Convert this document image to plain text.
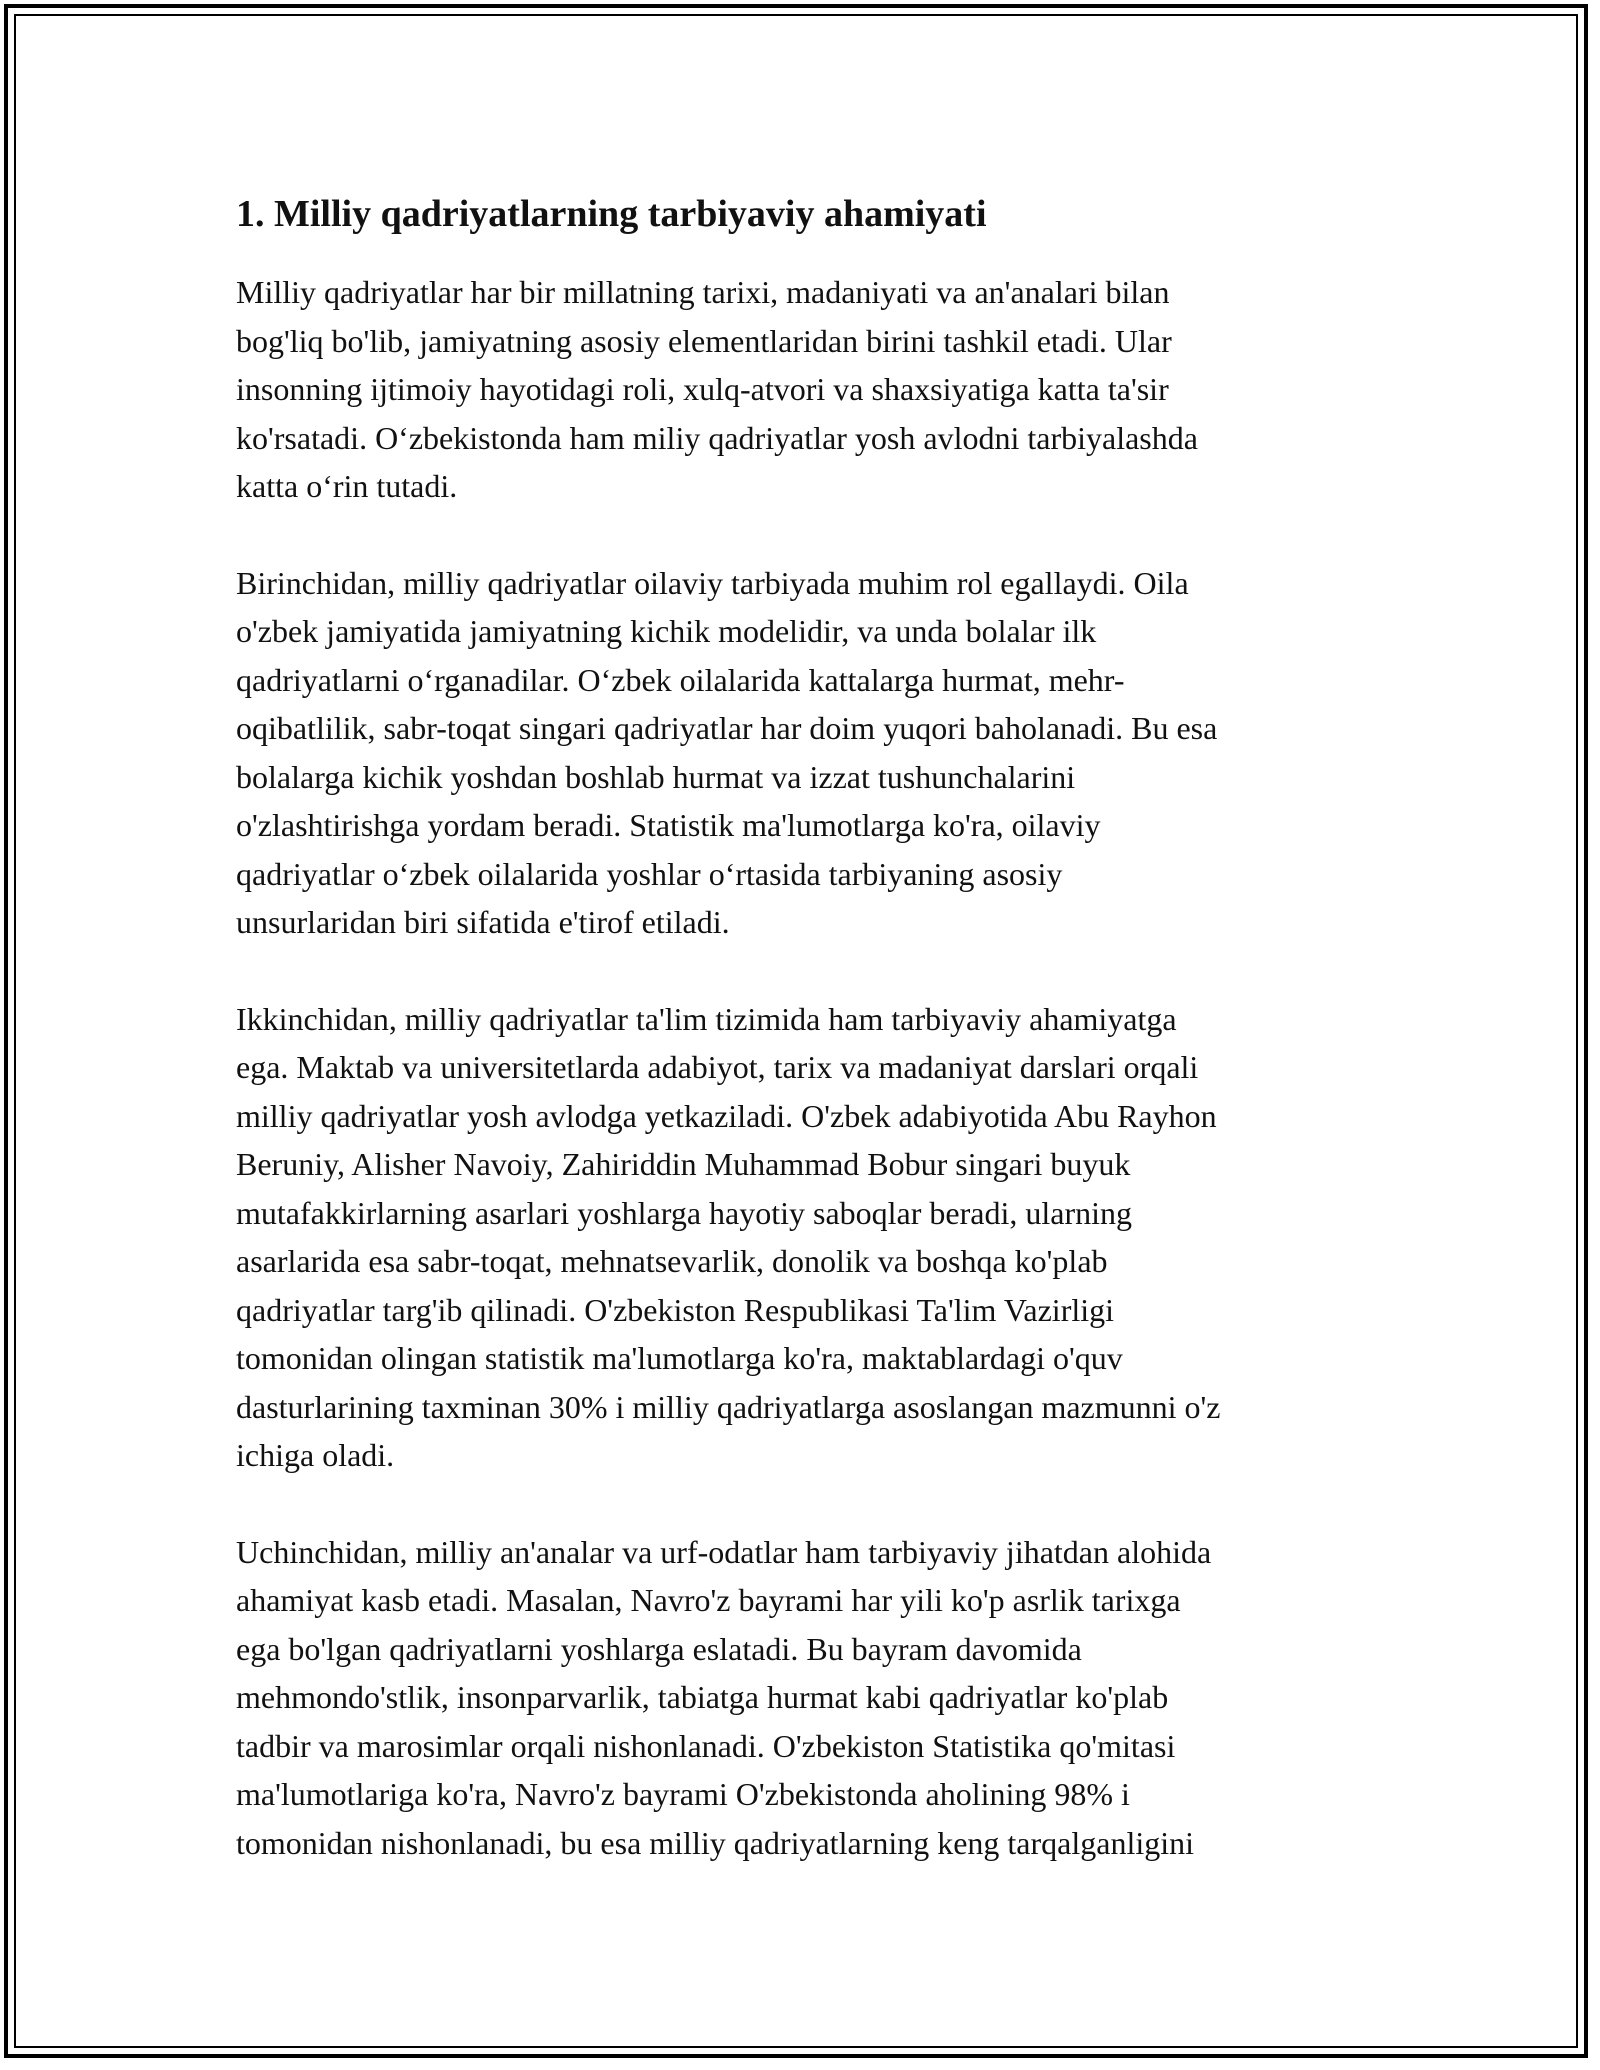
1. Milliy qadriyatlarning tarbiyaviy ahamiyati

Milliy qadriyatlar har bir millatning tarixi, madaniyati va an'analari bilan
bog'liq bo'lib, jamiyatning asosiy elementlaridan birini tashkil etadi. Ular
insonning ijtimoiy hayotidagi roli, xulq-atvori va shaxsiyatiga katta ta'sir
ko'rsatadi. O‘zbekistonda ham miliy qadriyatlar yosh avlodni tarbiyalashda
katta o‘rin tutadi.

Birinchidan, milliy qadriyatlar oilaviy tarbiyada muhim rol egallaydi. Oila
o'zbek jamiyatida jamiyatning kichik modelidir, va unda bolalar ilk
qadriyatlarni o‘rganadilar. O‘zbek oilalarida kattalarga hurmat, mehr-
oqibatlilik, sabr-toqat singari qadriyatlar har doim yuqori baholanadi. Bu esa
bolalarga kichik yoshdan boshlab hurmat va izzat tushunchalarini
o'zlashtirishga yordam beradi. Statistik ma'lumotlarga ko'ra, oilaviy
qadriyatlar o‘zbek oilalarida yoshlar o‘rtasida tarbiyaning asosiy
unsurlaridan biri sifatida e'tirof etiladi.

Ikkinchidan, milliy qadriyatlar ta'lim tizimida ham tarbiyaviy ahamiyatga
ega. Maktab va universitetlarda adabiyot, tarix va madaniyat darslari orqali
milliy qadriyatlar yosh avlodga yetkaziladi. O'zbek adabiyotida Abu Rayhon
Beruniy, Alisher Navoiy, Zahiriddin Muhammad Bobur singari buyuk
mutafakkirlarning asarlari yoshlarga hayotiy saboqlar beradi, ularning
asarlarida esa sabr-toqat, mehnatsevarlik, donolik va boshqa ko'plab
qadriyatlar targ'ib qilinadi. O'zbekiston Respublikasi Ta'lim Vazirligi
tomonidan olingan statistik ma'lumotlarga ko'ra, maktablardagi o'quv
dasturlarining taxminan 30% i milliy qadriyatlarga asoslangan mazmunni o'z
ichiga oladi.

Uchinchidan, milliy an'analar va urf-odatlar ham tarbiyaviy jihatdan alohida
ahamiyat kasb etadi. Masalan, Navro'z bayrami har yili ko'p asrlik tarixga
ega bo'lgan qadriyatlarni yoshlarga eslatadi. Bu bayram davomida
mehmondo'stlik, insonparvarlik, tabiatga hurmat kabi qadriyatlar ko'plab
tadbir va marosimlar orqali nishonlanadi. O'zbekiston Statistika qo'mitasi
ma'lumotlariga ko'ra, Navro'z bayrami O'zbekistonda aholining 98% i
tomonidan nishonlanadi, bu esa milliy qadriyatlarning keng tarqalganligini
